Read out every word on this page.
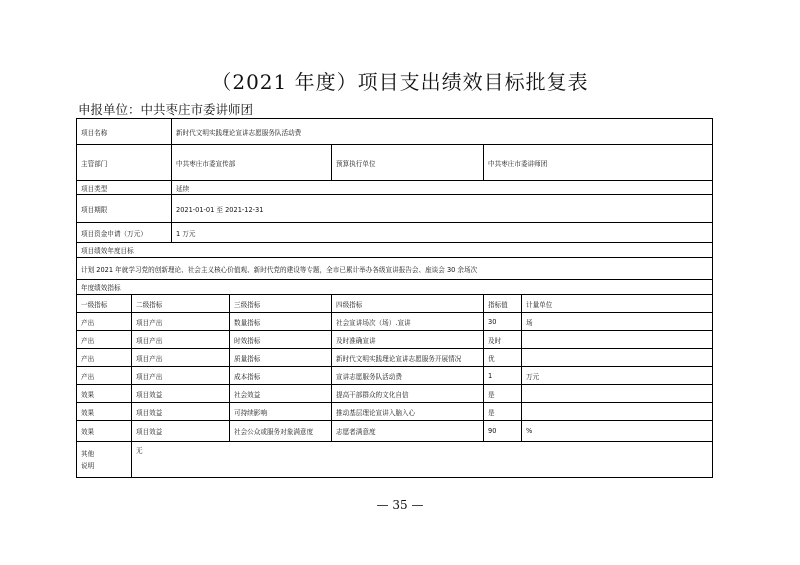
（2021 年度）项目支出绩效目标批复表
申报单位：中共枣庄市委讲师团
项目名称		新时代文明实践理论宣讲志愿服务队活动费				
主管部门		中共枣庄市委宣传部		预算执行单位	中共枣庄市委讲师团	
项目类型		延续				
项目期限		2021-01-01 至 2021-12-31				
项目资金申请（万元）		1 万元				
项目绩效年度目标						
计划 2021 年就学习党的创新理论、社会主义核心价值观、新时代党的建设等专题，全市已累计举办各级宣讲报告会、座谈会 30 余场次						
年度绩效指标						
一级指标	二级指标		三级指标	四级指标	指标值	计量单位
产出	项目产出		数量指标	社会宣讲场次（场）.宣讲	30	场
产出	项目产出		时效指标	及时准确宣讲	及时	
产出	项目产出		质量指标	新时代文明实践理论宣讲志愿服务开展情况	优	
产出	项目产出		成本指标	宣讲志愿服务队活动费	1	万元
效果	项目效益		社会效益	提高干部群众的文化自信	是	
效果	项目效益		可持续影响	推动基层理论宣讲入脑入心	是	
效果	项目效益		社会公众或服务对象满意度	志愿者满意度	90	%

其他
说明	无					
— 35 —
